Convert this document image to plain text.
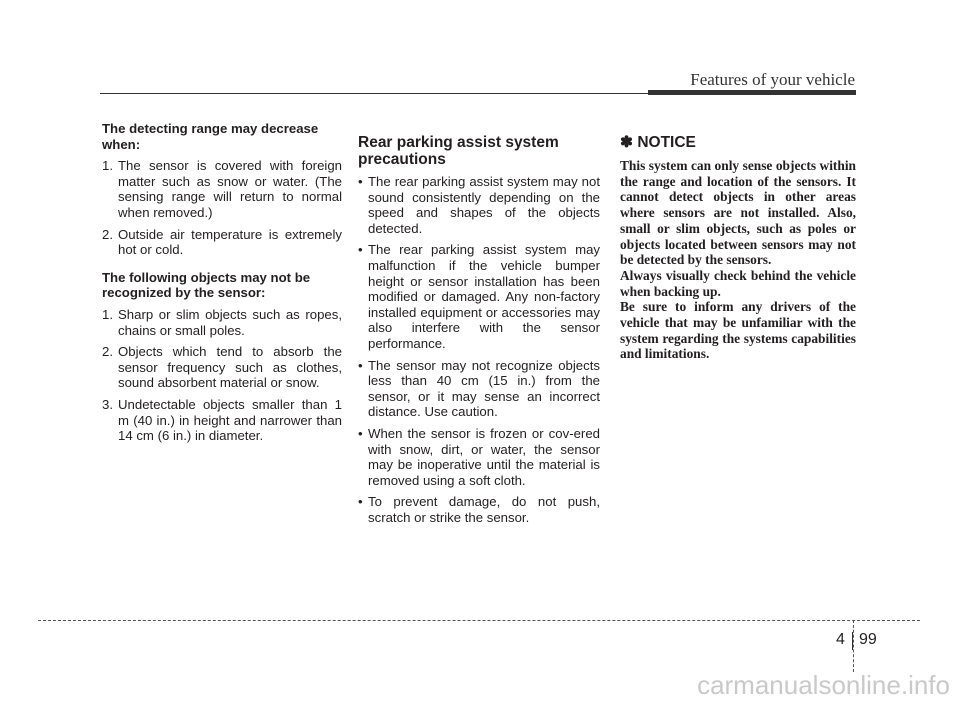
Features of your vehicle

The detecting range may decrease when:

1. The sensor is covered with foreign matter such as snow or water. (The sensing range will return to normal when removed.)
2. Outside air temperature is extremely hot or cold.

The following objects may not be recognized by the sensor:

1. Sharp or slim objects such as ropes, chains or small poles.
2. Objects which tend to absorb the sensor frequency such as clothes, sound absorbent material or snow.
3. Undetectable objects smaller than 1 m (40 in.) in height and narrower than 14 cm (6 in.) in diameter.
Rear parking assist system precautions
• The rear parking assist system may not sound consistently depending on the speed and shapes of the objects detected.
• The rear parking assist system may malfunction if the vehicle bumper height or sensor installation has been modified or damaged. Any non-factory installed equipment or accessories may also interfere with the sensor performance.
• The sensor may not recognize objects less than 40 cm (15 in.) from the sensor, or it may sense an incorrect distance. Use caution.
• When the sensor is frozen or cov-ered with snow, dirt, or water, the sensor may be inoperative until the material is removed using a soft cloth.
• To prevent damage, do not push, scratch or strike the sensor.
✽ NOTICE

This system can only sense objects within the range and location of the sensors. It cannot detect objects in other areas where sensors are not installed. Also, small or slim objects, such as poles or objects located between sensors may not be detected by the sensors.

Always visually check behind the vehicle when backing up.

Be sure to inform any drivers of the vehicle that may be unfamiliar with the system regarding the systems capabilities and limitations.

4 99
carmanualsonline.info
